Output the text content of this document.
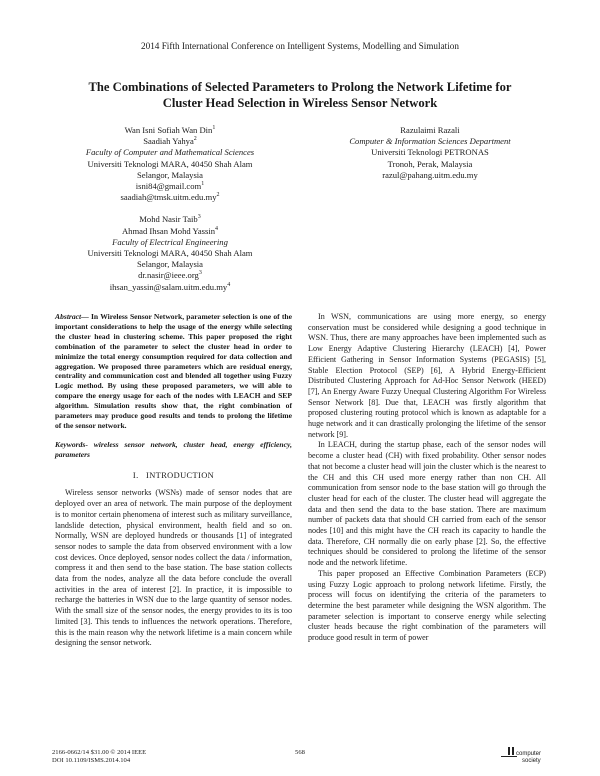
2014 Fifth International Conference on Intelligent Systems, Modelling and Simulation
The Combinations of Selected Parameters to Prolong the Network Lifetime for
Cluster Head Selection in Wireless Sensor Network
Wan Isni Sofiah Wan Din$^1$
Saadiah Yahya$^2$
Faculty of Computer and Mathematical Sciences
Universiti Teknologi MARA, 40450 Shah Alam
Selangor, Malaysia
isni84@gmail.com$^1$
$saadiah@tmsk.uitm.edu.my^2$
Mohd Nasir Taib$^3$
Ahmad Ihsan Mohd Yassin$^4$
Faculty of Electrical Engineering
Universiti Teknologi MARA, 40450 Shah Alam
Selangor, Malaysia
dr.nasir@ieee.org$^3$
$ihsan\_yassin@salam.uitm.edu.my^4$
Razulaimi Razali
Computer & Information Sciences Department
Universiti Teknologi PETRONAS
Tronoh, Perak, Malaysia
razul@pahang.uitm.edu.my
Abstract— In Wireless Sensor Network, parameter selection is one of the important considerations to help the usage of the energy while selecting the cluster head in clustering scheme. This paper proposed the right combination of the parameter to select the cluster head in order to minimize the total energy consumption required for data collection and aggregation. We proposed three parameters which are residual energy, centrality and communication cost and blended all together using Fuzzy Logic method. By using these proposed parameters, we will able to compare the energy usage for each of the nodes with LEACH and SEP algorithm. Simulation results show that, the right combination of parameters may produce good results and tends to prolong the lifetime of the sensor network.
Keywords- wireless sensor network, cluster head, energy efficiency, parameters
I. INTRODUCTION

Wireless sensor networks (WSNs) made of sensor nodes that are deployed over an area of network. The main purpose of the deployment is to monitor certain phenomena of interest such as military surveillance, landslide detection, physical environment, health field and so on. Normally, WSN are deployed hundreds or thousands [1] of integrated sensor nodes to sample the data from observed environment with a low cost devices. Once deployed, sensor nodes collect the data / information, compress it and then send to the base station. The base station collects data from the nodes, analyze all the data before conclude the overall activities in the area of interest [2]. In practice, it is impossible to recharge the batteries in WSN due to the large quantity of sensor nodes. With the small size of the sensor nodes, the energy provides to its is too limited [3]. This tends to influences the network operations. Therefore, this is the main reason why the network lifetime is a main concern while designing the sensor network.

In WSN, communications are using more energy, so energy conservation must be considered while designing a good technique in WSN. Thus, there are many approaches have been implemented such as Low Energy Adaptive Clustering Hierarchy (LEACH) [4], Power Efficient Gathering in Sensor Information Systems (PEGASIS) [5], Stable Election Protocol (SEP) [6], A Hybrid Energy-Efficient Distributed Clustering Approach for Ad-Hoc Sensor Network (HEED) [7], An Energy Aware Fuzzy Unequal Clustering Algorithm For Wireless Sensor Network [8]. Due that, LEACH was firstly algorithm that proposed clustering routing protocol which is known as adaptable for a huge network and it can drastically prolonging the lifetime of the sensor network [9].

In LEACH, during the startup phase, each of the sensor nodes will become a cluster head (CH) with fixed probability. Other sensor nodes that not become a cluster head will join the cluster which is the nearest to the CH and this CH used more energy rather than non CH. All communication from sensor node to the base station will go through the cluster head for each of the cluster. The cluster head will aggregate the data and then send the data to the base station. There are maximum number of packets data that should CH carried from each of the sensor nodes [10] and this might have the CH reach its capacity to handle the data. Therefore, CH normally die on early phase [2]. So, the effective techniques should be considered to prolong the lifetime of the sensor node and the network lifetime.

This paper proposed an Effective Combination Parameters (ECP) using Fuzzy Logic approach to prolong network lifetime. Firstly, the process will focus on identifying the criteria of the parameters to determine the best parameter while designing the WSN algorithm. The parameter selection is important to conserve energy while selecting cluster heads because the right combination of the parameters will produce good result in term of power

2166-0662/14 $31.00 © 2014 IEEE
DOI 10.1109/ISMS.2014.104
568	computer
society
